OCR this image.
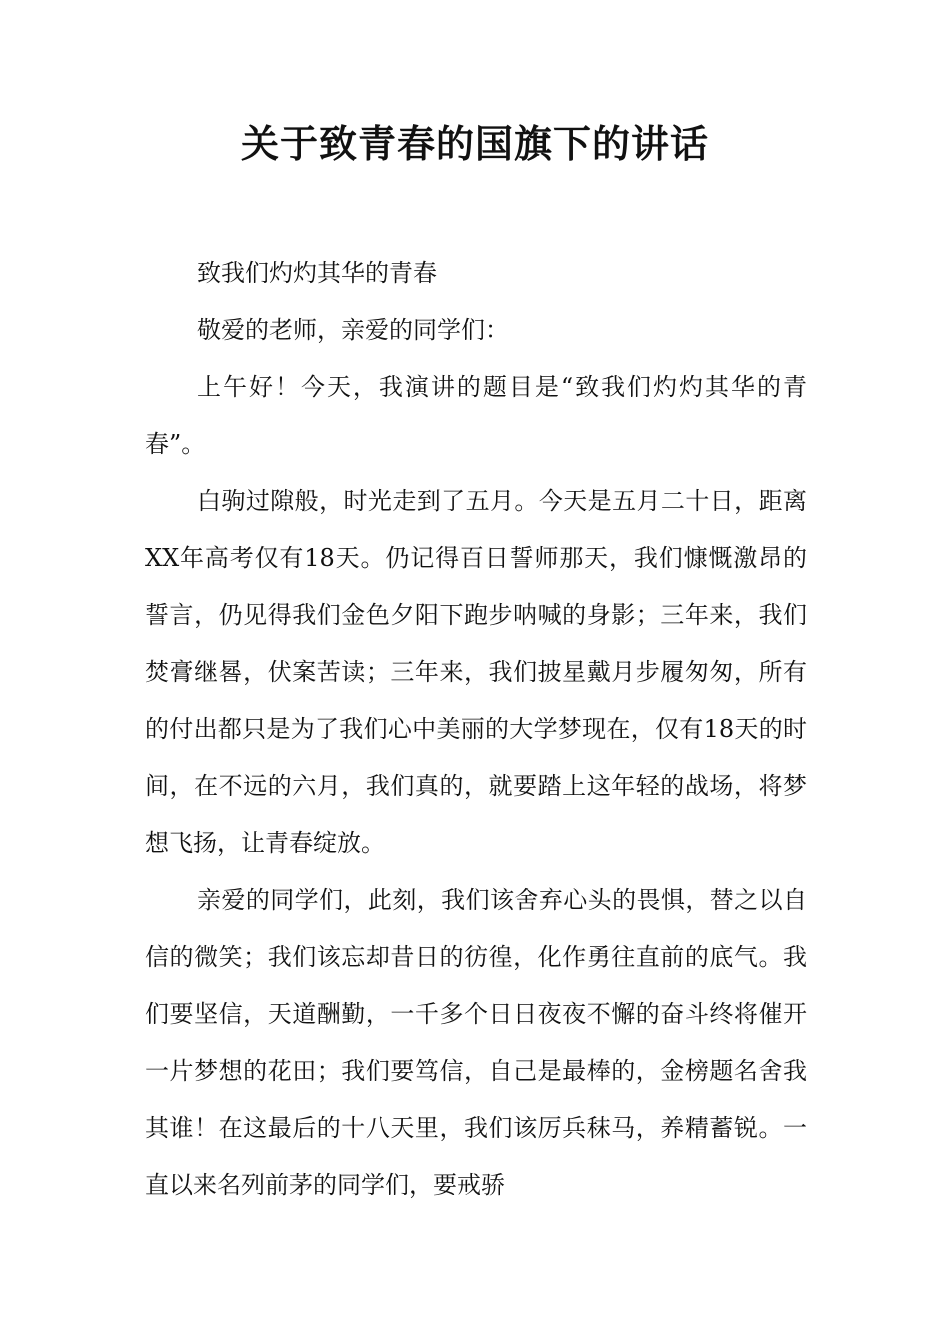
关于致青春的国旗下的讲话

致我们灼灼其华的青春

敬爱的老师，亲爱的同学们：

上午好！今天，我演讲的题目是“致我们灼灼其华的青春”。

白驹过隙般，时光走到了五月。今天是五月二十日，距离XX年高考仅有18天。仍记得百日誓师那天，我们慷慨激昂的誓言，仍见得我们金色夕阳下跑步呐喊的身影；三年来，我们焚膏继晷，伏案苦读；三年来，我们披星戴月步履匆匆，所有的付出都只是为了我们心中美丽的大学梦现在，仅有18天的时间，在不远的六月，我们真的，就要踏上这年轻的战场，将梦想飞扬，让青春绽放。

亲爱的同学们，此刻，我们该舍弃心头的畏惧，替之以自信的微笑；我们该忘却昔日的彷徨，化作勇往直前的底气。我们要坚信，天道酬勤，一千多个日日夜夜不懈的奋斗终将催开一片梦想的花田；我们要笃信，自己是最棒的，金榜题名舍我其谁！在这最后的十八天里，我们该厉兵秣马，养精蓄锐。一直以来名列前茅的同学们，要戒骄
